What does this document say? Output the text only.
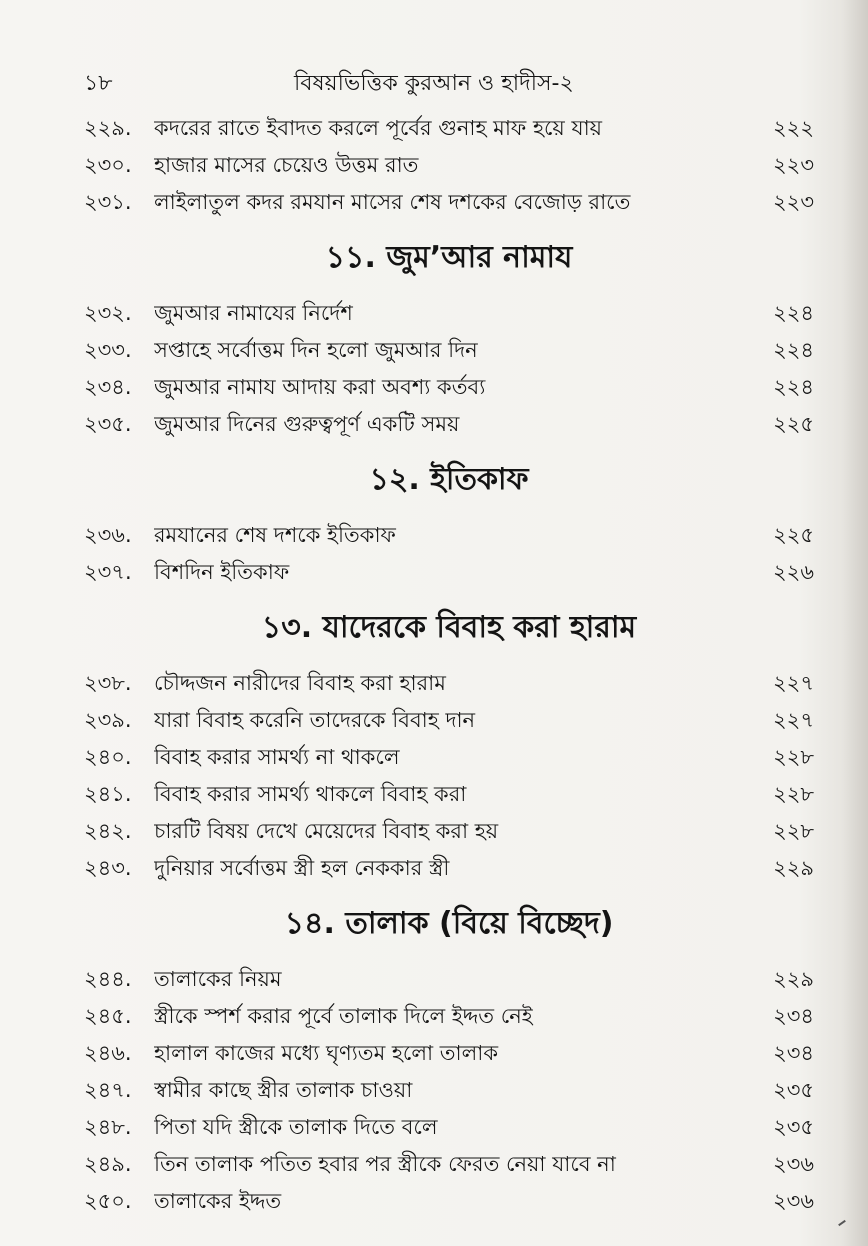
১৮	বিষয়ভিত্তিক কুরআন ও হাদীস-২
২২৯.	কদরের রাতে ইবাদত করলে পূর্বের গুনাহ মাফ হয়ে যায়	২২২
২৩০.	হাজার মাসের চেয়েও উত্তম রাত	২২৩
২৩১.	লাইলাতুল কদর রমযান মাসের শেষ দশকের বেজোড় রাতে	২২৩
১১. জুম’আর নামায
২৩২.	জুমআর নামাযের নির্দেশ	২২৪
২৩৩.	সপ্তাহে সর্বোত্তম দিন হলো জুমআর দিন	২২৪
২৩৪.	জুমআর নামায আদায় করা অবশ্য কর্তব্য	২২৪
২৩৫.	জুমআর দিনের গুরুত্বপূর্ণ একটি সময়	২২৫
১২. ইতিকাফ
২৩৬.	রমযানের শেষ দশকে ইতিকাফ	২২৫
২৩৭.	বিশদিন ইতিকাফ	২২৬
১৩. যাদেরকে বিবাহ করা হারাম
২৩৮.	চৌদ্দজন নারীদের বিবাহ করা হারাম	২২৭
২৩৯.	যারা বিবাহ করেনি তাদেরকে বিবাহ দান	২২৭
২৪০.	বিবাহ করার সামর্থ্য না থাকলে	২২৮
২৪১.	বিবাহ করার সামর্থ্য থাকলে বিবাহ করা	২২৮
২৪২.	চারটি বিষয় দেখে মেয়েদের বিবাহ করা হয়	২২৮
২৪৩.	দুনিয়ার সর্বোত্তম স্ত্রী হল নেককার স্ত্রী	২২৯
১৪. তালাক (বিয়ে বিচ্ছেদ)
২৪৪.	তালাকের নিয়ম	২২৯
২৪৫.	স্ত্রীকে স্পর্শ করার পূর্বে তালাক দিলে ইদ্দত নেই	২৩৪
২৪৬.	হালাল কাজের মধ্যে ঘৃণ্যতম হলো তালাক	২৩৪
২৪৭.	স্বামীর কাছে স্ত্রীর তালাক চাওয়া	২৩৫
২৪৮.	পিতা যদি স্ত্রীকে তালাক দিতে বলে	২৩৫
২৪৯.	তিন তালাক পতিত হবার পর স্ত্রীকে ফেরত নেয়া যাবে না	২৩৬
২৫০.	তালাকের ইদ্দত	২৩৬
